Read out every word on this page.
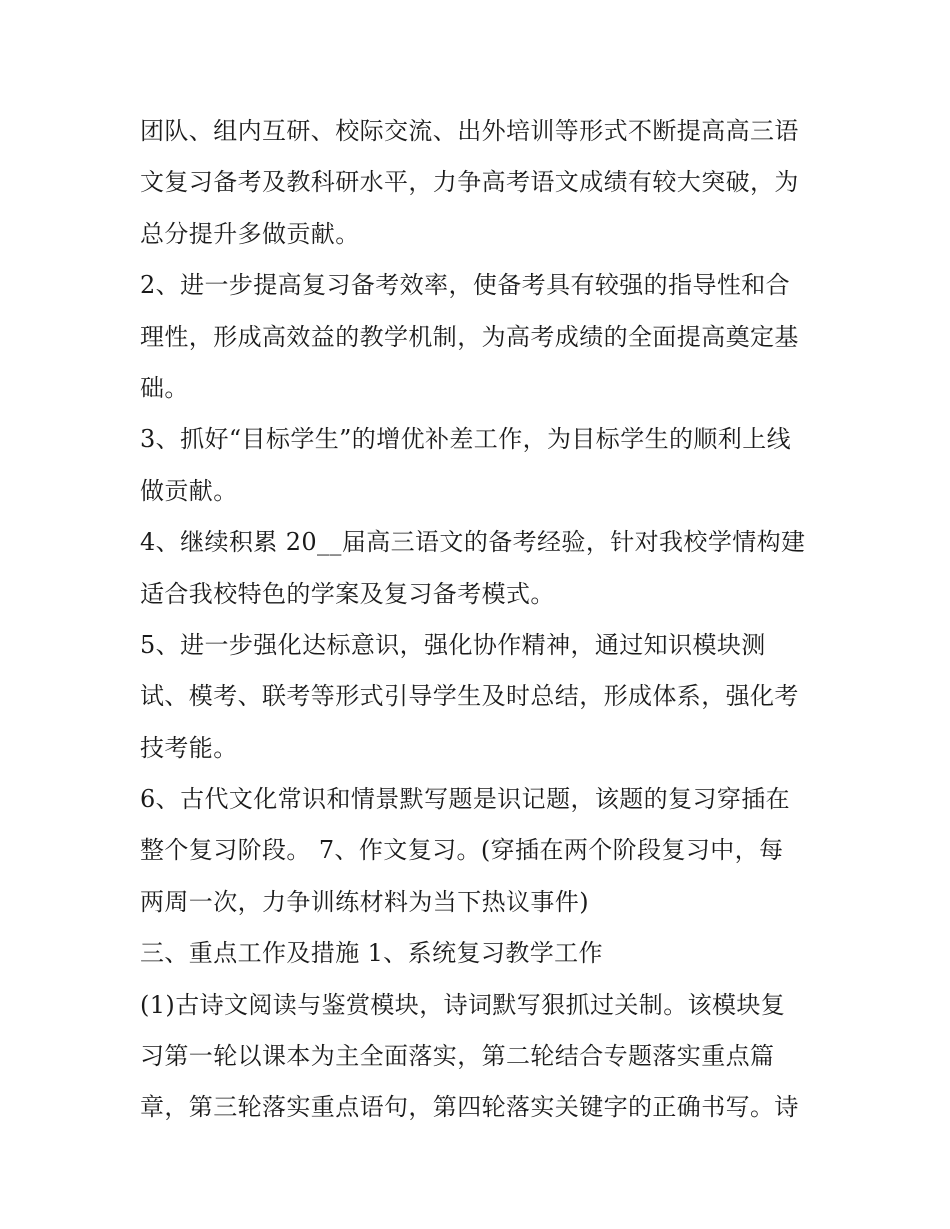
团队、组内互研、校际交流、出外培训等形式不断提高高三语
文复习备考及教科研水平，力争高考语文成绩有较大突破，为
总分提升多做贡献。
2、进一步提高复习备考效率，使备考具有较强的指导性和合
理性，形成高效益的教学机制，为高考成绩的全面提高奠定基
础。
3、抓好“目标学生”的增优补差工作，为目标学生的顺利上线
做贡献。
4、继续积累 20__届高三语文的备考经验，针对我校学情构建
适合我校特色的学案及复习备考模式。
5、进一步强化达标意识，强化协作精神，通过知识模块测
试、模考、联考等形式引导学生及时总结，形成体系，强化考
技考能。
6、古代文化常识和情景默写题是识记题，该题的复习穿插在
整个复习阶段。 7、作文复习。(穿插在两个阶段复习中，每
两周一次，力争训练材料为当下热议事件)
三、重点工作及措施 1、系统复习教学工作
(1)古诗文阅读与鉴赏模块，诗词默写狠抓过关制。该模块复
习第一轮以课本为主全面落实，第二轮结合专题落实重点篇
章，第三轮落实重点语句，第四轮落实关键字的正确书写。诗
